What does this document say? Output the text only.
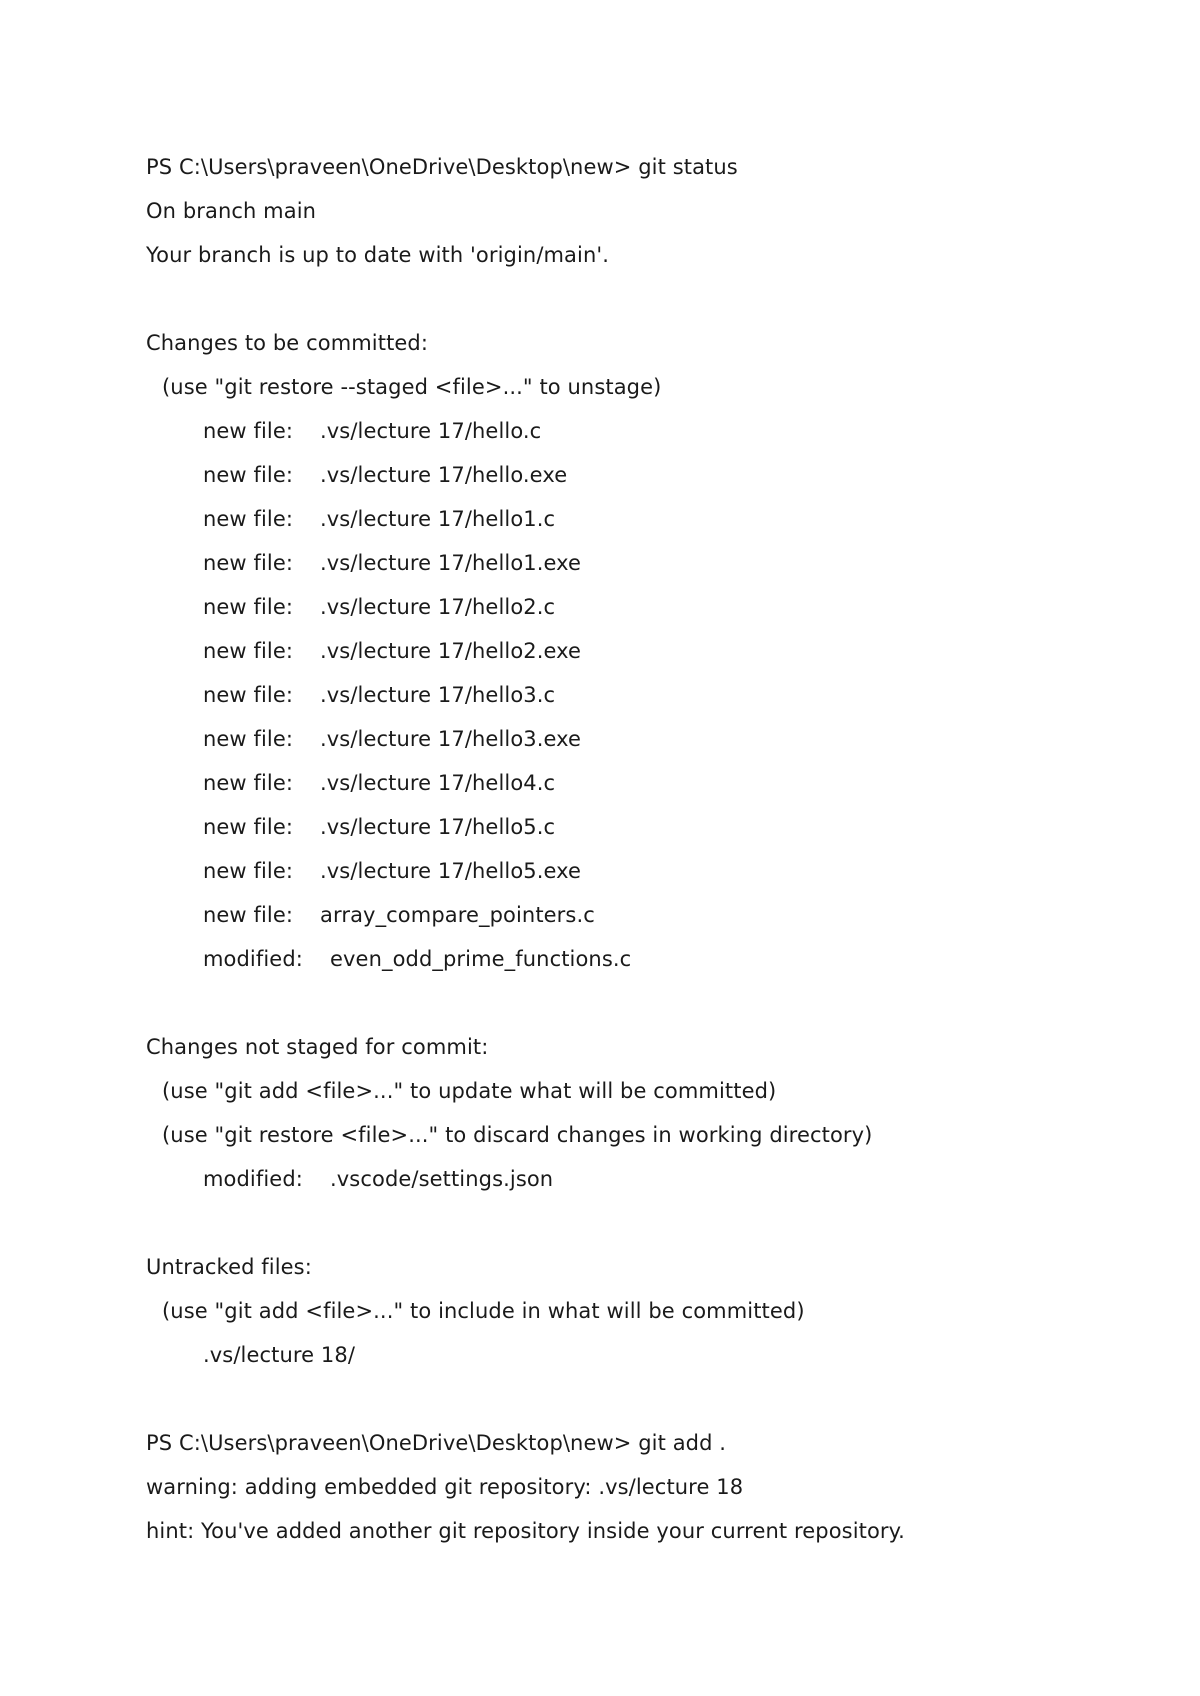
PS C:\Users\praveen\OneDrive\Desktop\new> git status
On branch main
Your branch is up to date with 'origin/main'.
Changes to be committed:
(use "git restore --staged <file>..." to unstage)
new file: .vs/lecture 17/hello.c
new file: .vs/lecture 17/hello.exe
new file: .vs/lecture 17/hello1.c
new file: .vs/lecture 17/hello1.exe
new file: .vs/lecture 17/hello2.c
new file: .vs/lecture 17/hello2.exe
new file: .vs/lecture 17/hello3.c
new file: .vs/lecture 17/hello3.exe
new file: .vs/lecture 17/hello4.c
new file: .vs/lecture 17/hello5.c
new file: .vs/lecture 17/hello5.exe
new file: array_compare_pointers.c
modified: even_odd_prime_functions.c
Changes not staged for commit:
(use "git add <file>..." to update what will be committed)
(use "git restore <file>..." to discard changes in working directory)
modified: .vscode/settings.json
Untracked files:
(use "git add <file>..." to include in what will be committed)
.vs/lecture 18/
PS C:\Users\praveen\OneDrive\Desktop\new> git add .
warning: adding embedded git repository: .vs/lecture 18
hint: You've added another git repository inside your current repository.
